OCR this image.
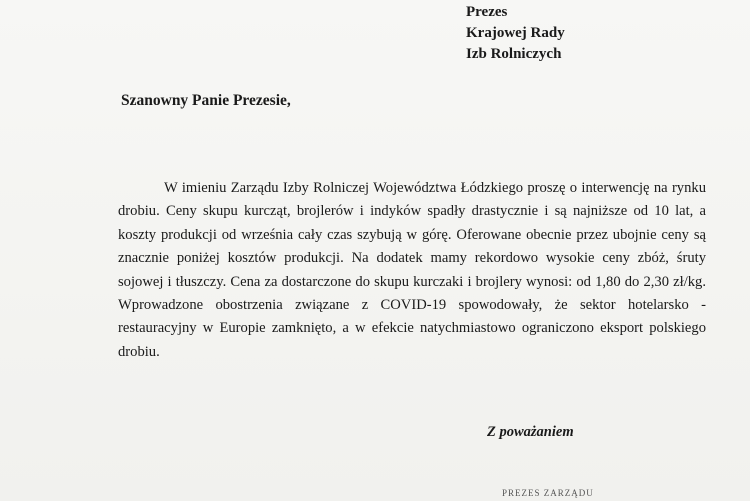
Prezes
Krajowej Rady
Izb Rolniczych
Szanowny Panie Prezesie,

W imieniu Zarządu Izby Rolniczej Województwa Łódzkiego proszę o interwencję na rynku drobiu. Ceny skupu kurcząt, brojlerów i indyków spadły drastycznie i są najniższe od 10 lat, a koszty produkcji od września cały czas szybują w górę. Oferowane obecnie przez ubojnie ceny są znacznie poniżej kosztów produkcji. Na dodatek mamy rekordowo wysokie ceny zbóż, śruty sojowej i tłuszczy. Cena za dostarczone do skupu kurczaki i brojlery wynosi: od 1,80 do 2,30 zł/kg. Wprowadzone obostrzenia związane z COVID-19 spowodowały, że sektor hotelarsko - restauracyjny w Europie zamknięto, a w efekcie natychmiastowo ograniczono eksport polskiego drobiu.

Z poważaniem
PREZES ZARZĄDU
